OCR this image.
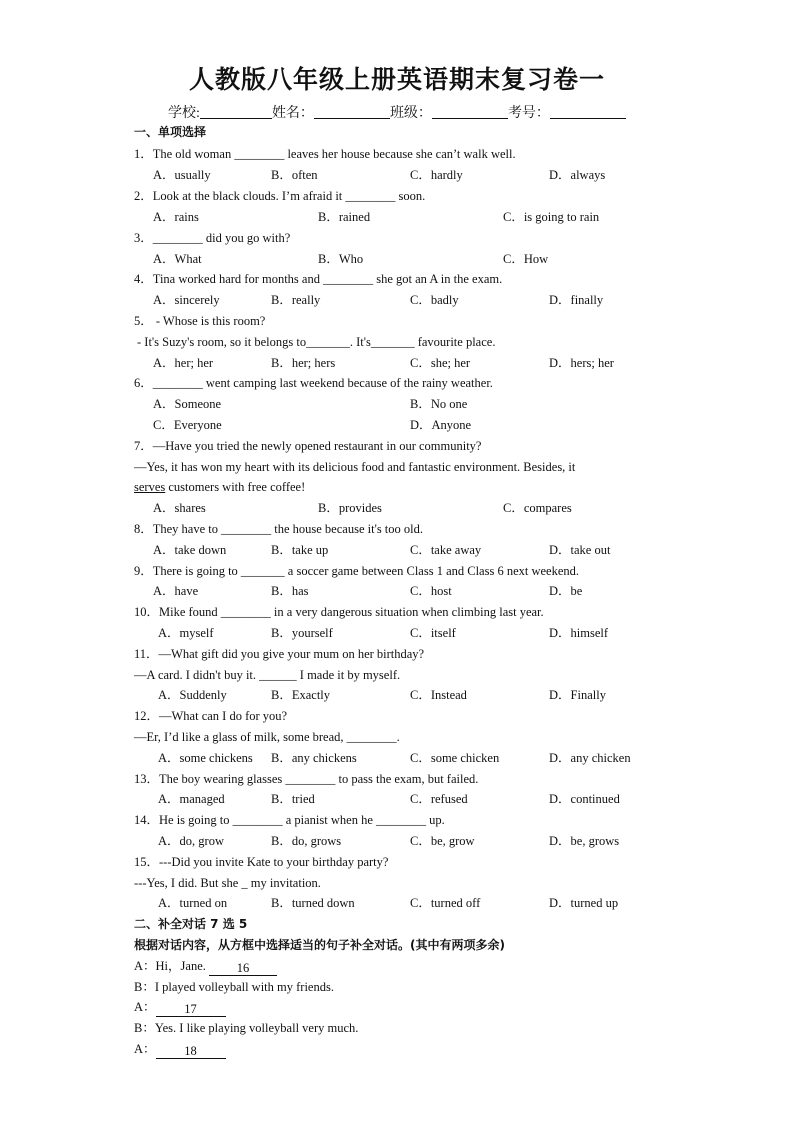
人教版八年级上册英语期末复习卷一
学校:	姓名：	班级：	考号：
一、单项选择
1．The old woman ________ leaves her house because she can’t walk well.
A．usually	B．often	C．hardly	D．always
2．Look at the black clouds. I’m afraid it ________ soon.
A．rains	B．rained	C．is going to rain
3．________ did you go with?
A．What	B．Who	C．How
4．Tina worked hard for months and ________ she got an A in the exam.
A．sincerely	B．really	C．badly	D．finally
5． - Whose is this room?
- It's Suzy's room, so it belongs to_______. It's_______ favourite place.
A．her; her	B．her; hers	C．she; her	D．hers; her
6．________ went camping last weekend because of the rainy weather.
A．Someone	B．No one
C．Everyone	D．Anyone
7．—Have you tried the newly opened restaurant in our community?
—Yes, it has won my heart with its delicious food and fantastic environment. Besides, it
serves customers with free coffee!
A．shares	B．provides	C．compares
8．They have to ________ the house because it's too old.
A．take down	B．take up	C．take away	D．take out
9．There is going to _______ a soccer game between Class 1 and Class 6 next weekend.
A．have	B．has	C．host	D．be
10．Mike found ________ in a very dangerous situation when climbing last year.
A．myself	B．yourself	C．itself	D．himself
11．—What gift did you give your mum on her birthday?
—A card. I didn't buy it. ______ I made it by myself.
A．Suddenly	B．Exactly	C．Instead	D．Finally
12．—What can I do for you?
—Er, I’d like a glass of milk, some bread, ________.
A．some chickens B．any chickens	C．some chicken	D．any chicken
13．The boy wearing glasses ________ to pass the exam, but failed.
A．managed	B．tried	C．refused	D．continued
14．He is going to ________ a pianist when he ________ up.
A．do, grow	B．do, grows	C．be, grow	D．be, grows
15．---Did you invite Kate to your birthday party?
---Yes, I did. But she _ my invitation.
A．turned on	B．turned down	C．turned off	D．turned up
二、补全对话 7 选 5
根据对话内容，从方框中选择适当的句子补全对话。(其中有两项多余)
A：Hi，Jane. 16
B：I played volleyball with my friends.
A： 17
B：Yes. I like playing volleyball very much.
A： 18
